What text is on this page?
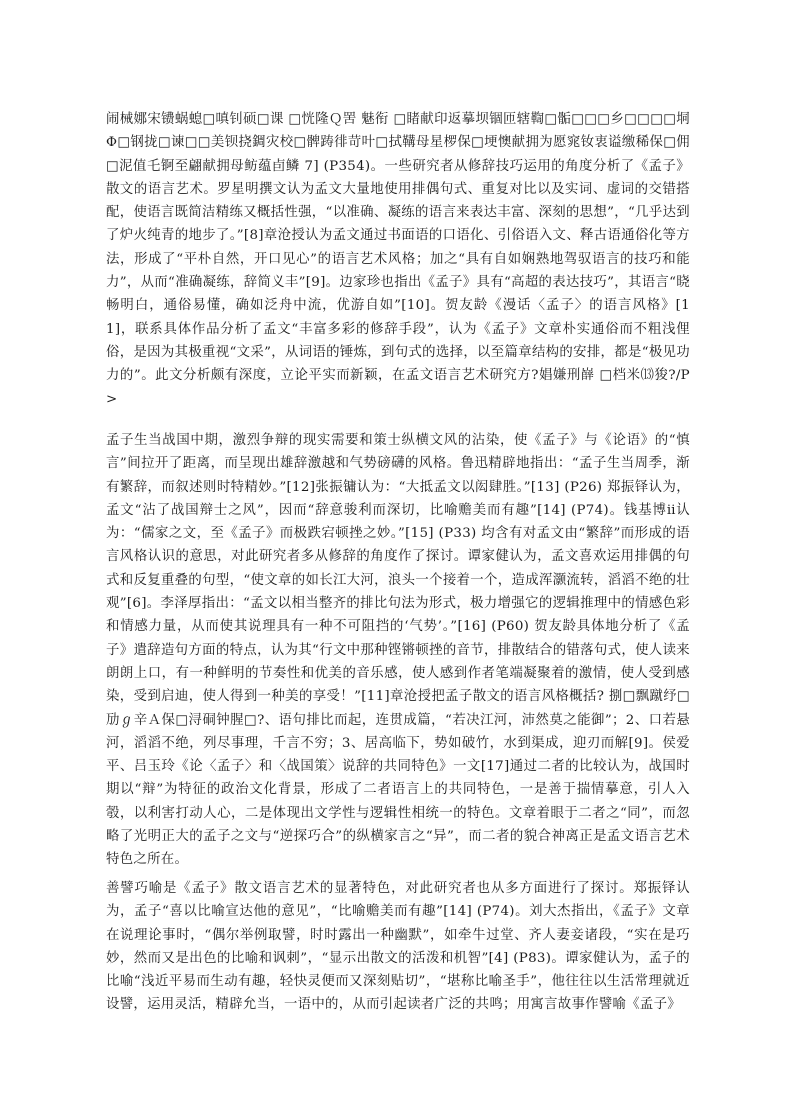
闹械娜宋镄蜗螅□嗔钊硕□课 □恍隆Ｑ罟 魅衔 □睹献印返摹坝锢匝辖鞫□骺□□□乡□□□□垌Φ□钢拢□谏□□美钡挠錭灾校□髀踌徘苛叶□拭鞲母星椤保□埂懊献拥为愿窕钕衷谥缴稀保□佣□泥值乇锕至翩献拥母鲂蕴卣鳞 7] (P354)。一些研究者从修辞技巧运用的角度分析了《孟子》散文的语言艺术。罗星明撰文认为孟文大量地使用排偶句式、重复对比以及实词、虚词的交错搭配，使语言既简洁精练又概括性强，“以准确、凝练的语言来表达丰富、深刻的思想”，“几乎达到了炉火纯青的地步了。”[8]章沧授认为孟文通过书面语的口语化、引俗语入文、释古语通俗化等方法，形成了“平朴自然，开口见心”的语言艺术风格；加之“具有自如娴熟地驾驭语言的技巧和能力”，从而“准确凝练，辞简义丰”[9]。边家珍也指出《孟子》具有“高超的表达技巧”，其语言“晓畅明白，通俗易懂，确如泛舟中流，优游自如”[10]。贺友龄《漫话〈孟子〉的语言风格》[11]，联系具体作品分析了孟文“丰富多彩的修辞手段”，认为《孟子》文章朴实通俗而不粗浅俚俗，是因为其极重视“文采”，从词语的锤炼，到句式的选择，以至篇章结构的安排，都是“极见功力的”。此文分析颇有深度，立论平实而新颖，在孟文语言艺术研究方?娼嫌刑嶭 □档米⒀狻?/P>

孟子生当战国中期，激烈争辩的现实需要和策士纵横文风的沾染，使《孟子》与《论语》的“慎言”间拉开了距离，而呈现出雄辞激越和气势磅礴的风格。鲁迅精辟地指出：“孟子生当周季，渐有繁辞，而叙述则时特精妙。”[12]张振镛认为：“大抵孟文以闳肆胜。”[13] (P26) 郑振铎认为，孟文“沾了战国辩士之风”，因而“辞意骏利而深切，比喻赡美而有趣”[14] (P74)。钱基博ⅱ认为：“儒家之文，至《孟子》而极跌宕顿挫之妙。”[15] (P33) 均含有对孟文由“繁辞”而形成的语言风格认识的意思，对此研究者多从修辞的角度作了探讨。谭家健认为，孟文喜欢运用排偶的句式和反复重叠的句型，“使文章的如长江大河，浪头一个接着一个，造成浑灏流转，滔滔不绝的壮观”[6]。李泽厚指出：“孟文以相当整齐的排比句法为形式，极力增强它的逻辑推理中的情感色彩和情感力量，从而使其说理具有一种不可阻挡的‘气势’。”[16] (P60) 贺友龄具体地分析了《孟子》遣辞造句方面的特点，认为其“行文中那种铿锵顿挫的音节，排散结合的错落句式，使人读来朗朗上口，有一种鲜明的节奏性和优美的音乐感，使人感到作者笔端凝聚着的激情，使人受到感染，受到启迪，使人得到一种美的享受！”[11]章沧授把孟子散文的语言风格概括? 捌□飘蹴纾□劢ℊ辛Ａ保□浔硐钟腥□?、语句排比而起，连贯成篇，“若决江河，沛然莫之能御”；2、口若悬河，滔滔不绝，列尽事理，千言不穷；3、居高临下，势如破竹，水到渠成，迎刃而解[9]。侯爱平、吕玉玲《论〈孟子〉和〈战国策〉说辞的共同特色》一文[17]通过二者的比较认为，战国时期以“辩”为特征的政治文化背景，形成了二者语言上的共同特色，一是善于揣情摹意，引人入彀，以利害打动人心，二是体现出文学性与逻辑性相统一的特色。文章着眼于二者之“同”，而忽略了光明正大的孟子之文与“逆探巧合”的纵横家言之“异”，而二者的貌合神离正是孟文语言艺术特色之所在。

善譬巧喻是《孟子》散文语言艺术的显著特色，对此研究者也从多方面进行了探讨。郑振铎认为，孟子“喜以比喻宣达他的意见”，“比喻赡美而有趣”[14] (P74)。刘大杰指出，《孟子》文章在说理论事时，“偶尔举例取譬，时时露出一种幽默”，如牵牛过堂、齐人妻妾诸段，“实在是巧妙，然而又是出色的比喻和讽刺”，“显示出散文的活泼和机智”[4] (P83)。谭家健认为，孟子的比喻“浅近平易而生动有趣，轻快灵便而又深刻贴切”，“堪称比喻圣手”，他往往以生活常理就近设譬，运用灵活，精辟允当，一语中的，从而引起读者广泛的共鸣；用寓言故事作譬喻《孟子》
